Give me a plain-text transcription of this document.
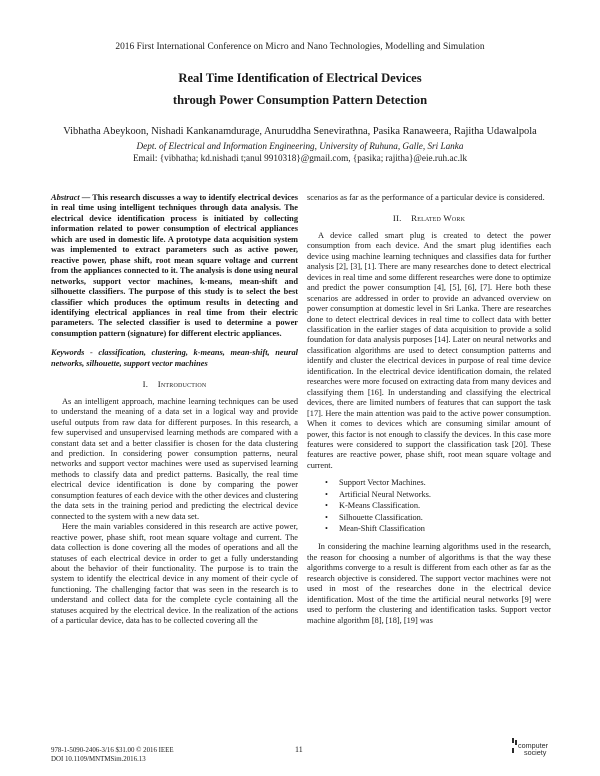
2016 First International Conference on Micro and Nano Technologies, Modelling and Simulation
Real Time Identification of Electrical Devices
through Power Consumption Pattern Detection
Vibhatha Abeykoon, Nishadi Kankanamdurage, Anuruddha Senevirathna, Pasika Ranaweera, Rajitha Udawalpola
Dept. of Electrical and Information Engineering, University of Ruhuna, Galle, Sri Lanka
Email: {vibhatha; kd.nishadi t;anul 9910318}@gmail.com, {pasika; rajitha}@eie.ruh.ac.lk

Abstract — This research discusses a way to identify electrical devices in real time using intelligent techniques through data analysis. The electrical device identification process is initiated by collecting information related to power consumption of electrical appliances which are used in domestic life. A prototype data acquisition system was implemented to extract parameters such as active power, reactive power, phase shift, root mean square voltage and current from the appliances connected to it. The analysis is done using neural networks, support vector machines, k-means, mean-shift and silhouette classifiers. The purpose of this study is to select the best classifier which produces the optimum results in detecting and identifying electrical appliances in real time from their electric parameters. The selected classifier is used to determine a power consumption pattern (signature) for different electric appliances.

Keywords - classification, clustering, k-means, mean-shift, neural networks, silhouette, support vector machines

I. Introduction

As an intelligent approach, machine learning techniques can be used to understand the meaning of a data set in a logical way and provide useful outputs from raw data for different purposes. In this research, a few supervised and unsupervised learning methods are compared with a constant data set and a better classifier is chosen for the data clustering and prediction. In considering power consumption patterns, neural networks and support vector machines were used as supervised learning methods to classify data and predict patterns. Basically, the real time electrical device identification is done by comparing the power consumption features of each device with the other devices and clustering the data sets in the training period and predicting the electrical device connected to the system with a new data set.

Here the main variables considered in this research are active power, reactive power, phase shift, root mean square voltage and current. The data collection is done covering all the modes of operations and all the statuses of each electrical device in order to get a fully understanding about the behavior of their functionality. The purpose is to train the system to identify the electrical device in any moment of their cycle of functioning. The challenging factor that was seen in the research is to understand and collect data for the complete cycle containing all the statuses acquired by the electrical device. In the realization of the actions of a particular device, data has to be collected covering all the

scenarios as far as the performance of a particular device is considered.

II. Related Work

A device called smart plug is created to detect the power consumption from each device. And the smart plug identifies each device using machine learning techniques and classifies data for further analysis [2], [3], [1]. There are many researches done to detect electrical devices in real time and some different researches were done to optimize and predict the power consumption [4], [5], [6], [7]. Here both these scenarios are addressed in order to provide an advanced overview on power consumption at domestic level in Sri Lanka. There are researches done to detect electrical devices in real time to collect data with better classification in the earlier stages of data acquisition to provide a solid foundation for data analysis purposes [14]. Later on neural networks and classification algorithms are used to detect consumption patterns and identify and cluster the electrical devices in purpose of real time device identification. In the electrical device identification domain, the related researches were more focused on extracting data from many devices and classifying them [16]. In understanding and classifying the electrical devices, there are limited numbers of features that can support the task [17]. Here the main attention was paid to the active power consumption. When it comes to devices which are consuming similar amount of power, this factor is not enough to classify the devices. In this case more features were considered to support the classification task [20]. These features are reactive power, phase shift, root mean square voltage and current.

• Support Vector Machines.
• Artificial Neural Networks.
• K-Means Classification.
• Silhouette Classification.
• Mean-Shift Classification

In considering the machine learning algorithms used in the research, the reason for choosing a number of algorithms is that the way these algorithms converge to a result is different from each other as far as the research objective is considered. The support vector machines were not used in most of the researches done in the electrical device identification. Most of the time the artificial neural networks [9] were used to perform the clustering and identification tasks. Support vector machine algorithm [8], [18], [19] was

978-1-5090-2406-3/16 $31.00 © 2016 IEEE
DOI 10.1109/MNTMSim.2016.13
11	computer
society
